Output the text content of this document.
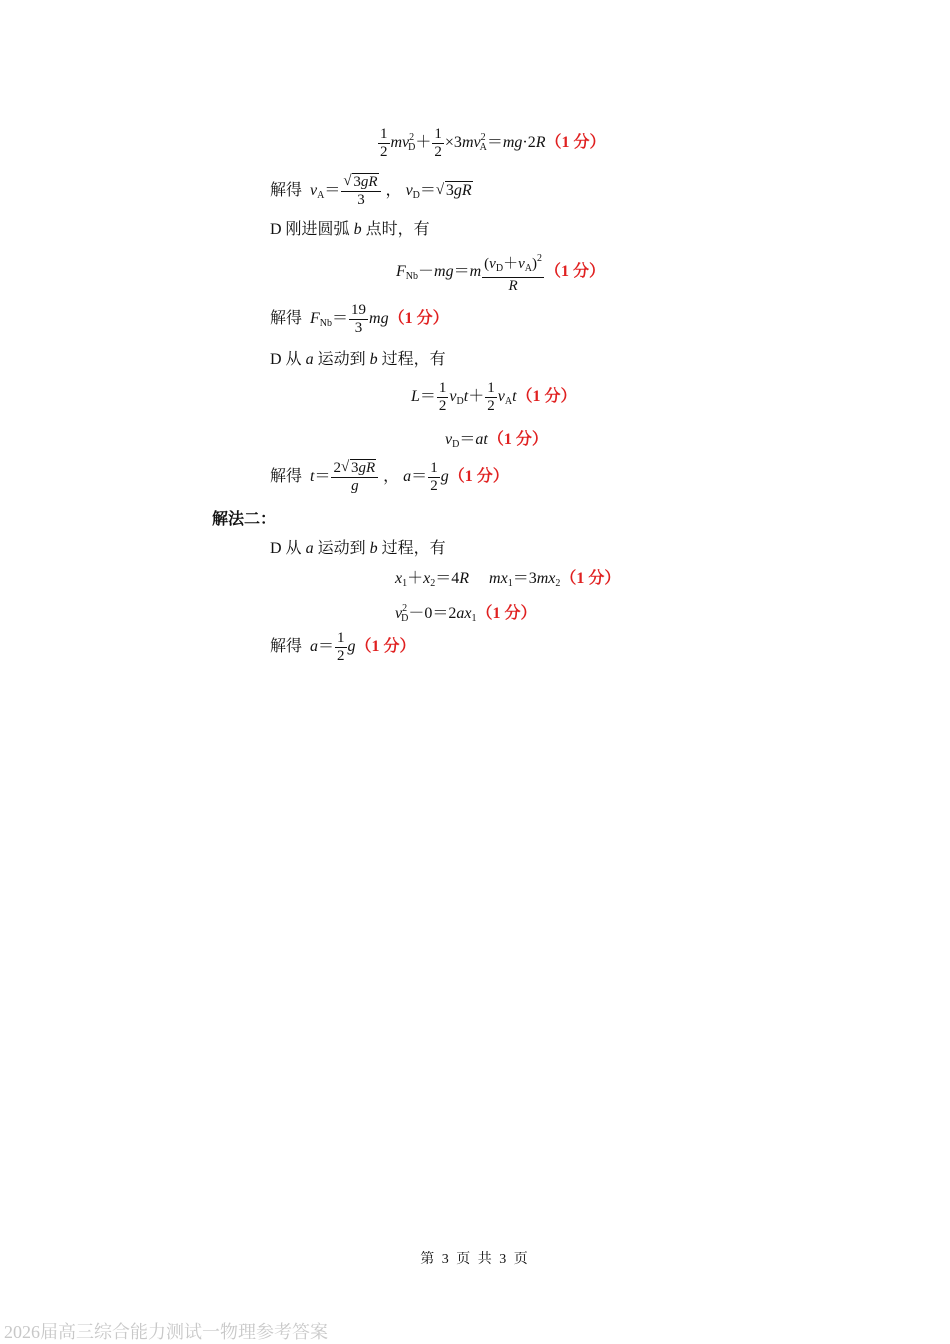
$\frac{1}{2} mv^2_D+ \frac{1}{2} \times 3mv^2_A=mg\cdot 2R(1$ 分）
解得 $v_A=$
√ $\frac{3gR}{3}$ ， $v_D=√$ 3gR
D 刚进圆弧 b 点时，有
$F_{Nb}-mg=m \frac{(v_D+v_A)^2}{R} (1$ 分）
解得 $F_{Nb}= \frac{19}{3} mg(1$ 分）
D 从 a 运动到 b 过程，有
$L= \frac{1}{2} v_Dt+ \frac{1}{2} v_At(1$ 分）
$v_D=at(1$ 分）
解得 $t= \frac{2√ 3gR}{g}$ ， $a= \frac{1}{2} g(1$ 分）
解法二：
D 从 a 运动到 b 过程，有
$x_1+x_2=4R$ $mx_1=3mx_2(1$ 分）
$v^2_D-0=2ax_1(1$ 分）
解得 $a= \frac{1}{2} g(1$ 分）
第 3 页 共 3 页
2026届高三综合能力测试一物理参考答案
